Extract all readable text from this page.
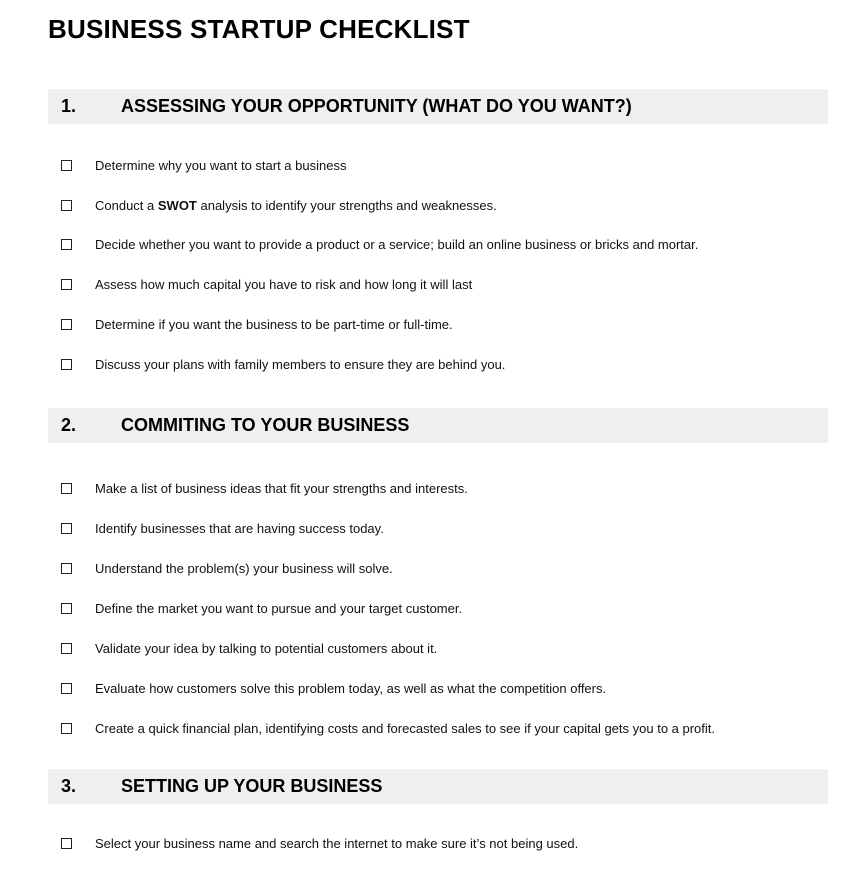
BUSINESS STARTUP CHECKLIST
1. ASSESSING YOUR OPPORTUNITY (WHAT DO YOU WANT?)
Determine why you want to start a business
Conduct a SWOT analysis to identify your strengths and weaknesses.
Decide whether you want to provide a product or a service; build an online business or bricks and mortar.
Assess how much capital you have to risk and how long it will last
Determine if you want the business to be part-time or full-time.
Discuss your plans with family members to ensure they are behind you.
2. COMMITING TO YOUR BUSINESS
Make a list of business ideas that fit your strengths and interests.
Identify businesses that are having success today.
Understand the problem(s) your business will solve.
Define the market you want to pursue and your target customer.
Validate your idea by talking to potential customers about it.
Evaluate how customers solve this problem today, as well as what the competition offers.
Create a quick financial plan, identifying costs and forecasted sales to see if your capital gets you to a profit.
3. SETTING UP YOUR BUSINESS
Select your business name and search the internet to make sure it’s not being used.
